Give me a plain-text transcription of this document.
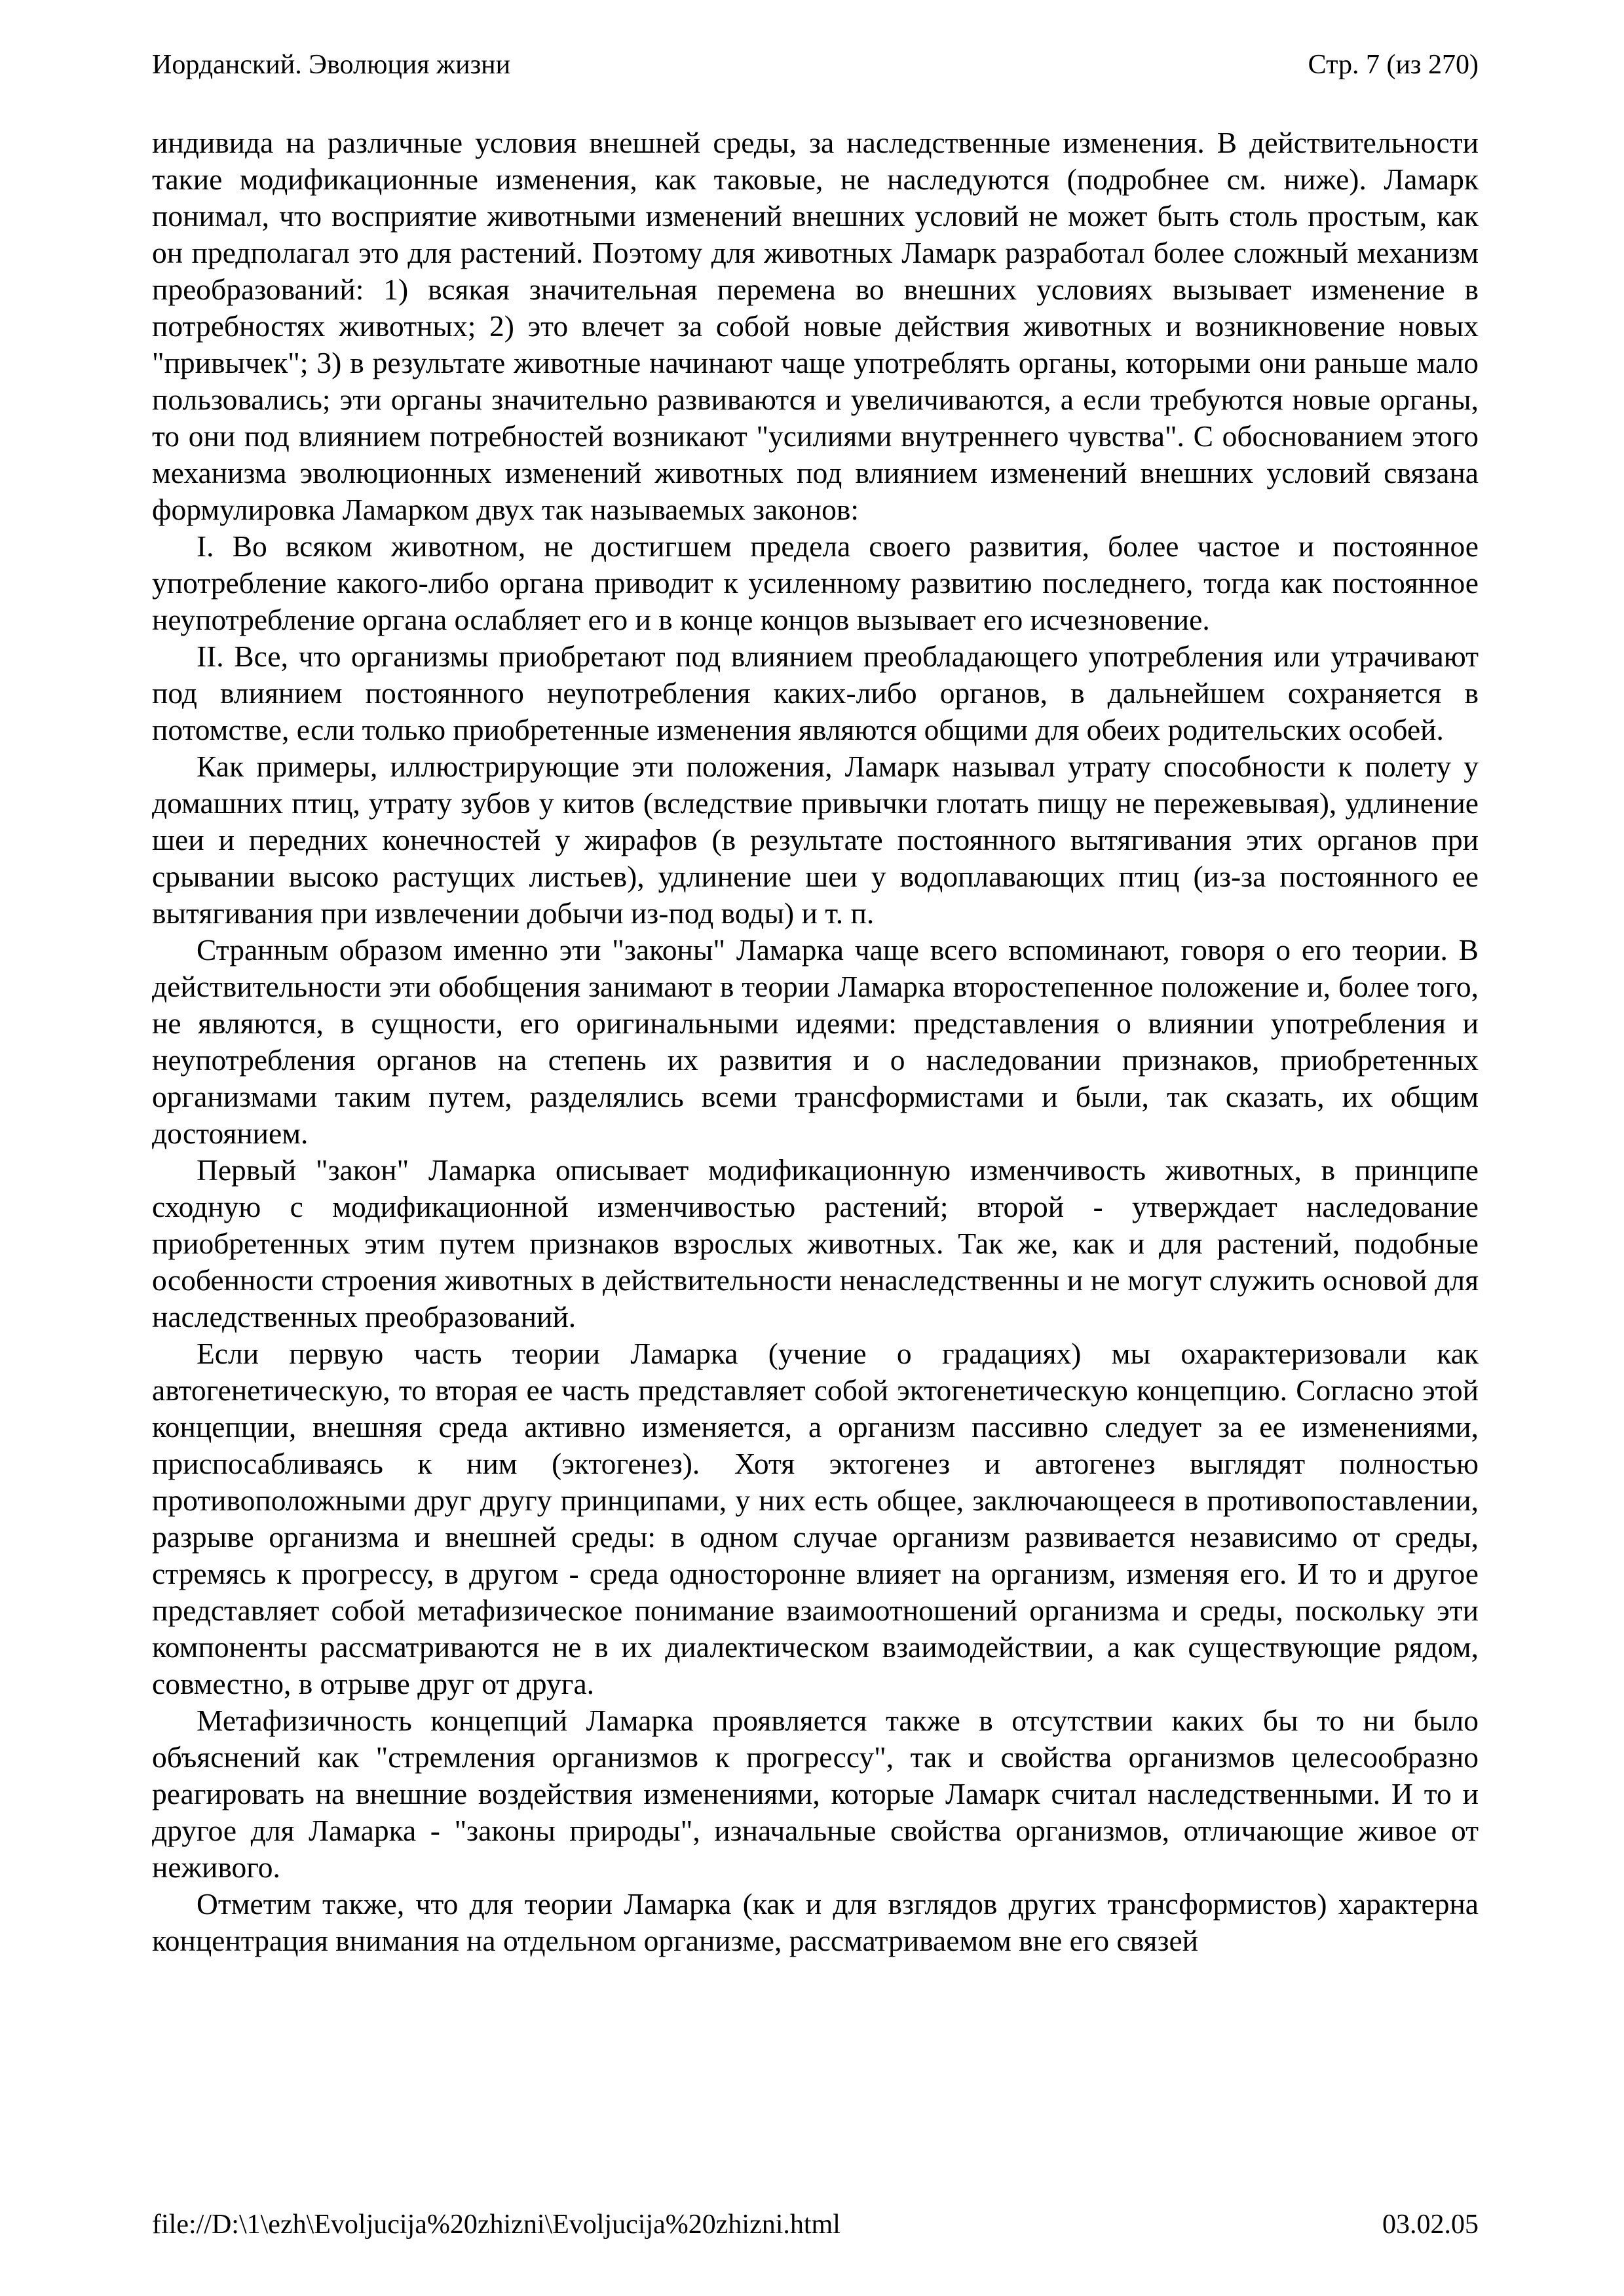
Иорданский. Эволюция жизни	Стр. 7 (из 270)

индивида на различные условия внешней среды, за наследственные изменения. В действительности такие модификационные изменения, как таковые, не наследуются (подробнее см. ниже). Ламарк понимал, что восприятие животными изменений внешних условий не может быть столь простым, как он предполагал это для растений. Поэтому для животных Ламарк разработал более сложный механизм преобразований: 1) всякая значительная перемена во внешних условиях вызывает изменение в потребностях животных; 2) это влечет за собой новые действия животных и возникновение новых "привычек"; 3) в результате животные начинают чаще употреблять органы, которыми они раньше мало пользовались; эти органы значительно развиваются и увеличиваются, а если требуются новые органы, то они под влиянием потребностей возникают "усилиями внутреннего чувства". С обоснованием этого механизма эволюционных изменений животных под влиянием изменений внешних условий связана формулировка Ламарком двух так называемых законов:

I. Во всяком животном, не достигшем предела своего развития, более частое и постоянное употребление какого-либо органа приводит к усиленному развитию последнего, тогда как постоянное неупотребление органа ослабляет его и в конце концов вызывает его исчезновение.

II. Все, что организмы приобретают под влиянием преобладающего употребления или утрачивают под влиянием постоянного неупотребления каких-либо органов, в дальнейшем сохраняется в потомстве, если только приобретенные изменения являются общими для обеих родительских особей.

Как примеры, иллюстрирующие эти положения, Ламарк называл утрату способности к полету у домашних птиц, утрату зубов у китов (вследствие привычки глотать пищу не пережевывая), удлинение шеи и передних конечностей у жирафов (в результате постоянного вытягивания этих органов при срывании высоко растущих листьев), удлинение шеи у водоплавающих птиц (из-за постоянного ее вытягивания при извлечении добычи из-под воды) и т. п.

Странным образом именно эти "законы" Ламарка чаще всего вспоминают, говоря о его теории. В действительности эти обобщения занимают в теории Ламарка второстепенное положение и, более того, не являются, в сущности, его оригинальными идеями: представления о влиянии употребления и неупотребления органов на степень их развития и о наследовании признаков, приобретенных организмами таким путем, разделялись всеми трансформистами и были, так сказать, их общим достоянием.

Первый "закон" Ламарка описывает модификационную изменчивость животных, в принципе сходную с модификационной изменчивостью растений; второй - утверждает наследование приобретенных этим путем признаков взрослых животных. Так же, как и для растений, подобные особенности строения животных в действительности ненаследственны и не могут служить основой для наследственных преобразований.

Если первую часть теории Ламарка (учение о градациях) мы охарактеризовали как автогенетическую, то вторая ее часть представляет собой эктогенетическую концепцию. Согласно этой концепции, внешняя среда активно изменяется, а организм пассивно следует за ее изменениями, приспосабливаясь к ним (эктогенез). Хотя эктогенез и автогенез выглядят полностью противоположными друг другу принципами, у них есть общее, заключающееся в противопоставлении, разрыве организма и внешней среды: в одном случае организм развивается независимо от среды, стремясь к прогрессу, в другом - среда односторонне влияет на организм, изменяя его. И то и другое представляет собой метафизическое понимание взаимоотношений организма и среды, поскольку эти компоненты рассматриваются не в их диалектическом взаимодействии, а как существующие рядом, совместно, в отрыве друг от друга.

Метафизичность концепций Ламарка проявляется также в отсутствии каких бы то ни было объяснений как "стремления организмов к прогрессу", так и свойства организмов целесообразно реагировать на внешние воздействия изменениями, которые Ламарк считал наследственными. И то и другое для Ламарка - "законы природы", изначальные свойства организмов, отличающие живое от неживого.

Отметим также, что для теории Ламарка (как и для взглядов других трансформистов) характерна концентрация внимания на отдельном организме, рассматриваемом вне его связей

file://D:\1\ezh\Evoljucija%20zhizni\Evoljucija%20zhizni.html	03.02.05
